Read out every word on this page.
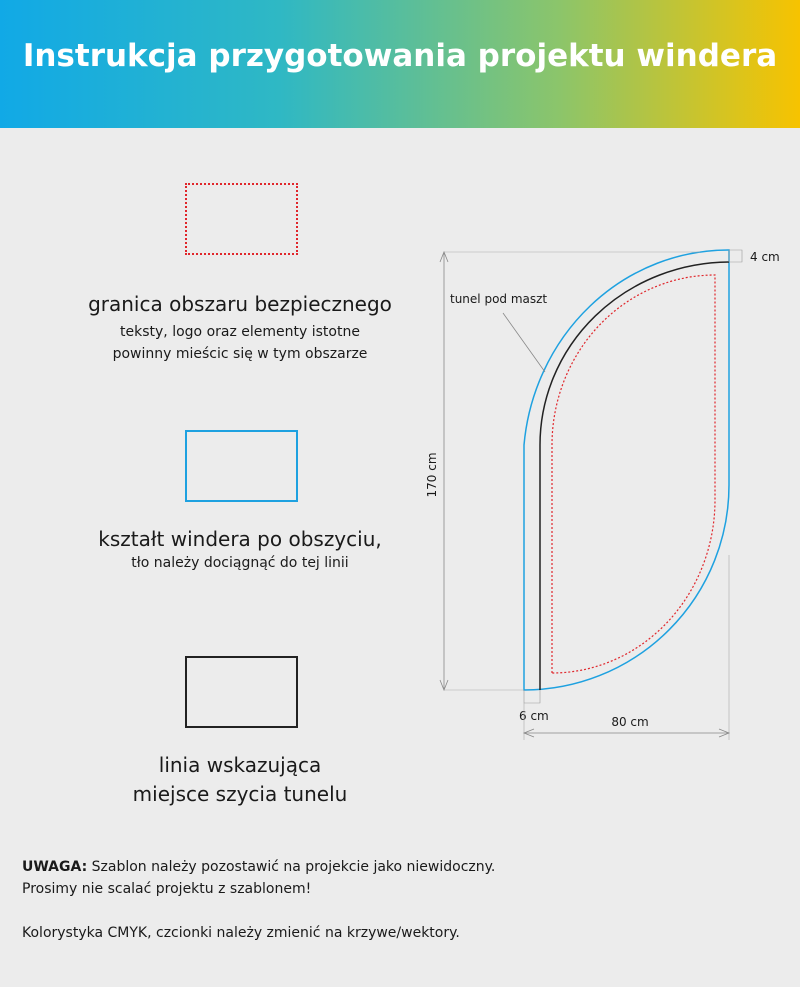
Instrukcja przygotowania projektu windera
granica obszaru bezpiecznego
teksty, logo oraz elementy istotne
powinny mieścic się w tym obszarze
kształt windera po obszyciu,
tło należy dociągnąć do tej linii
linia wskazująca
miejsce szycia tunelu
170 cm
tunel pod maszt
4 cm
6 cm	80 cm

UWAGA: Szablon należy pozostawić na projekcie jako niewidoczny.

Prosimy nie scalać projektu z szablonem!

Kolorystyka CMYK, czcionki należy zmienić na krzywe/wektory.
